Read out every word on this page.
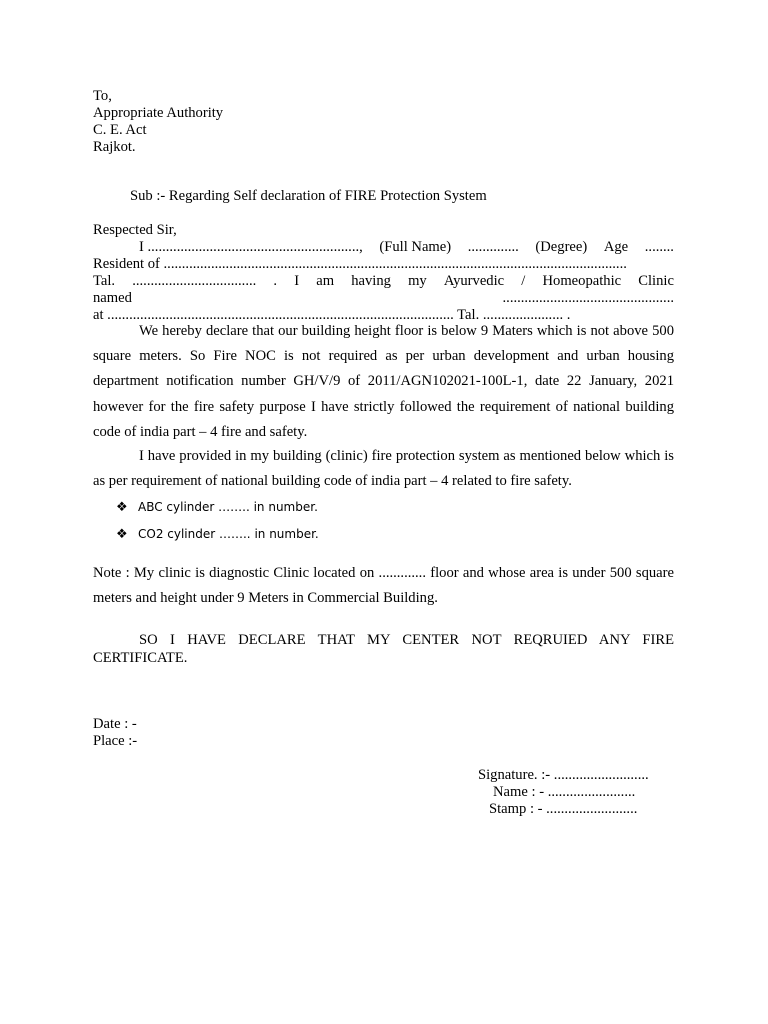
To,
Appropriate Authority
C. E. Act
Rajkot.
Sub :- Regarding Self declaration of FIRE Protection System
Respected Sir,
I .........................................................., (Full Name) .............. (Degree) Age ........
Resident of ...............................................................................................................................
Tal. .................................. . I am having my Ayurvedic / Homeopathic Clinic
named	...............................................
at ............................................................................................... Tal. ...................... .
We hereby declare that our building height floor is below 9 Maters which is not above 500 square meters. So Fire NOC is not required as per urban development and urban housing department notification number GH/V/9 of 2011/AGN102021-100L-1, date 22 January, 2021 however for the fire safety purpose I have strictly followed the requirement of national building code of india part – 4 fire and safety.
I have provided in my building (clinic) fire protection system as mentioned below which is as per requirement of national building code of india part – 4 related to fire safety.
❖ ABC cylinder …….. in number.
❖ CO2 cylinder …….. in number.
Note : My clinic is diagnostic Clinic located on ............. floor and whose area is under 500 square meters and height under 9 Meters in Commercial Building.
SO I HAVE DECLARE THAT MY CENTER NOT REQRUIED ANY FIRE CERTIFICATE.
Date : -
Place :-
Signature. :- ..........................
Name : - ........................
Stamp : - .........................
